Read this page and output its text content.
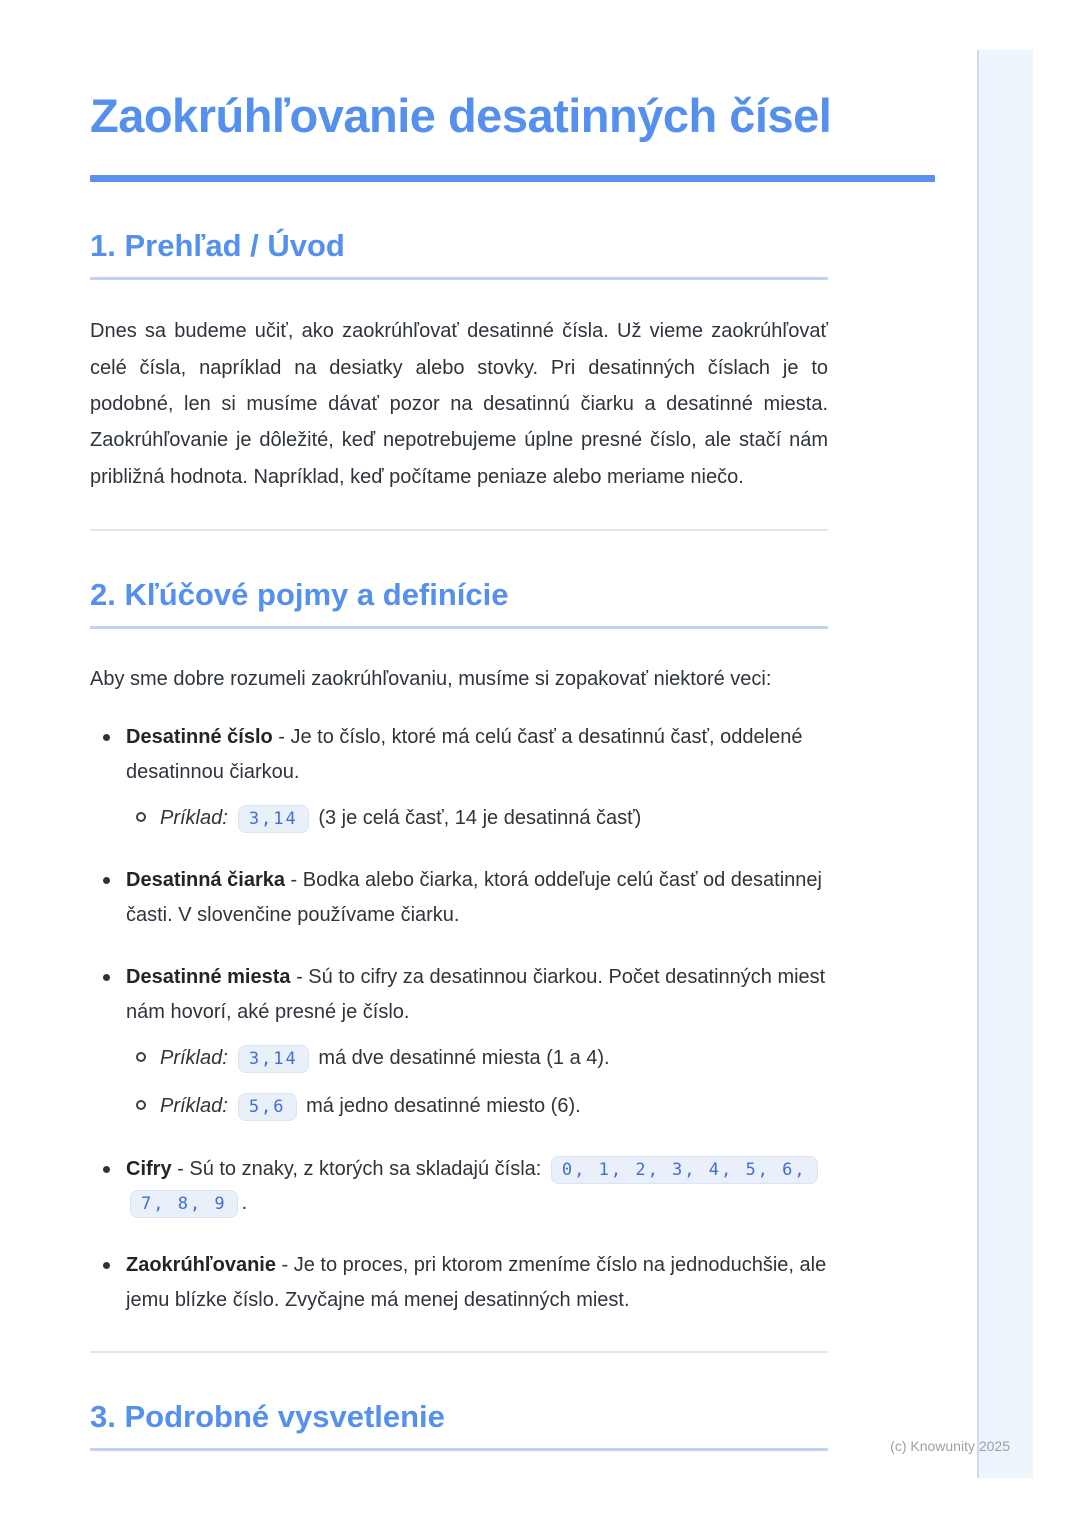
Zaokrúhľovanie desatinných čísel
1. Prehľad / Úvod

Dnes sa budeme učiť, ako zaokrúhľovať desatinné čísla. Už vieme zaokrúhľovať celé čísla, napríklad na desiatky alebo stovky. Pri desatinných číslach je to podobné, len si musíme dávať pozor na desatinnú čiarku a desatinné miesta. Zaokrúhľovanie je dôležité, keď nepotrebujeme úplne presné číslo, ale stačí nám približná hodnota. Napríklad, keď počítame peniaze alebo meriame niečo.

2. Kľúčové pojmy a definície

Aby sme dobre rozumeli zaokrúhľovaniu, musíme si zopakovať niektoré veci:

Desatinné číslo - Je to číslo, ktoré má celú časť a desatinnú časť, oddelené desatinnou čiarkou.
Príklad: 3,14 (3 je celá časť, 14 je desatinná časť)
Desatinná čiarka - Bodka alebo čiarka, ktorá oddeľuje celú časť od desatinnej časti. V slovenčine používame čiarku.
Desatinné miesta - Sú to cifry za desatinnou čiarkou. Počet desatinných miest nám hovorí, aké presné je číslo.
Príklad: 3,14 má dve desatinné miesta (1 a 4).
Príklad: 5,6 má jedno desatinné miesto (6).
Cifry - Sú to znaky, z ktorých sa skladajú čísla: 0, 1, 2, 3, 4, 5, 6, 7, 8, 9 .
Zaokrúhľovanie - Je to proces, pri ktorom zmeníme číslo na jednoduchšie, ale jemu blízke číslo. Zvyčajne má menej desatinných miest.
3. Podrobné vysvetlenie
(c) Knowunity 2025
